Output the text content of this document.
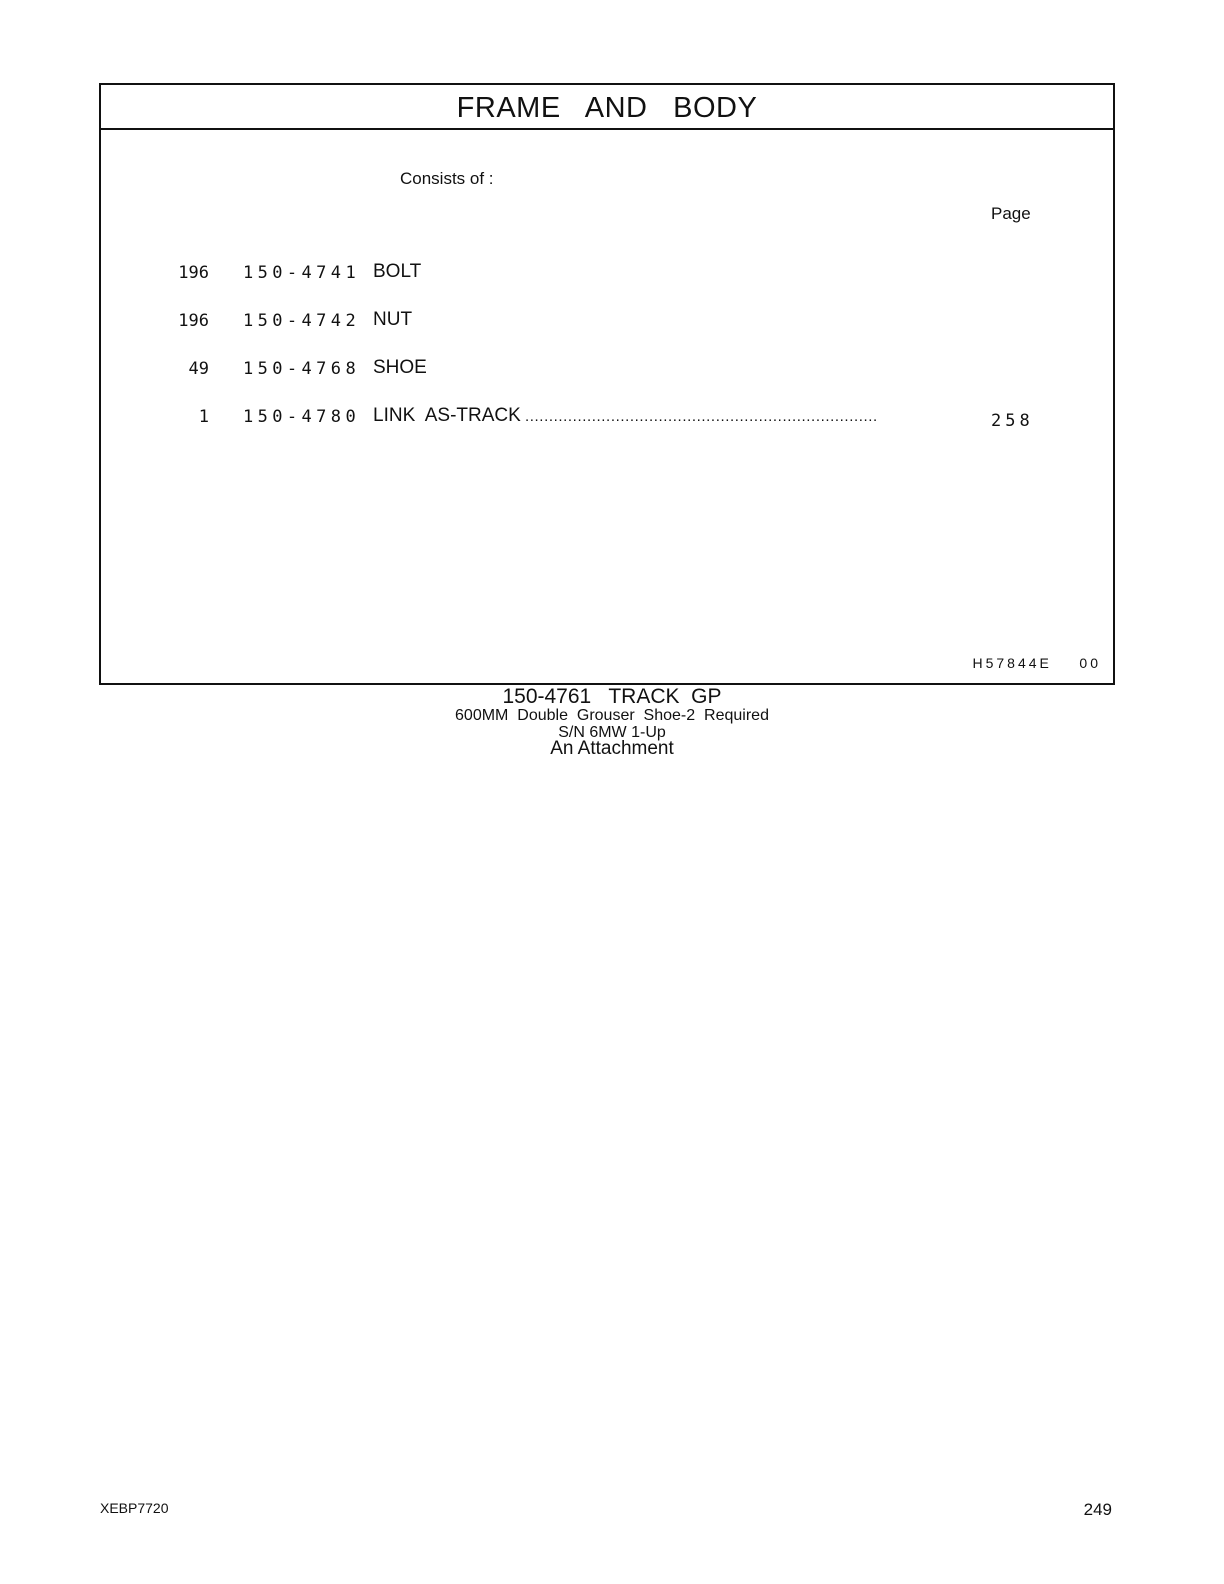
FRAME   AND   BODY
Consists of :
Page
196 150-4741 BOLT
196 150-4742 NUT
49 150-4768 SHOE
1 150-4780 LINK  AS-TRACK ..........................................................................	258
H57844E    00
150-4761   TRACK  GP
600MM  Double  Grouser  Shoe-2  Required
S/N 6MW 1-Up
An Attachment
XEBP7720	249
